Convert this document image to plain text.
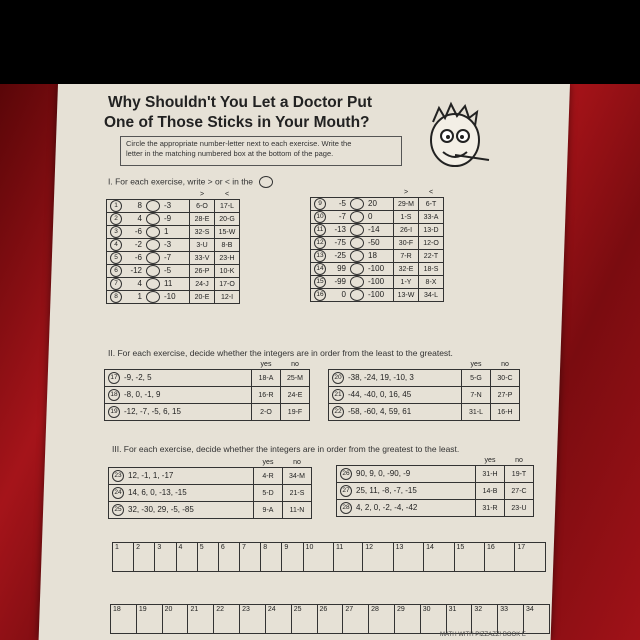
Why Shouldn't You Let a Doctor Put
One of Those Sticks in Your Mouth?
Circle the appropriate number-letter next to each exercise. Write the
letter in the matching numbered box at the bottom of the page.
I. For each exercise, write > or < in the
	>	<
1 8 -3	6-O	17-L
2 4 -9	28-E	20-G
3 -6 1	32-S	15-W
4 -2 -3	3-U	8-B
5 -6 -7	33-V	23-H
6 -12 -5	26-P	10-K
7 4 11	24-J	17-O
8 1 -10	20-E	12-I
	>	<
9 -5 20	29-M	6-T
10 -7 0	1-S	33-A
11 -13 -14	26-I	13-D
12 -75 -50	30-F	12-O
13 -25 18	7-R	22-T
14 99 -100	32-E	18-S
15 -99 -100	1-Y	8-X
16 0 -100	13-W	34-L
II. For each exercise, decide whether the integers are in order from the least to the greatest.
	yes	no
17 -9, -2, 5	18-A	25-M
18 -8, 0, -1, 9	16-R	24-E
19 -12, -7, -5, 6, 15	2-O	19-F
	yes	no
20 -38, -24, 19, -10, 3	5-G	30-C
21 -44, -40, 0, 16, 45	7-N	27-P
22 -58, -60, 4, 59, 61	31-L	16-H
III. For each exercise, decide whether the integers are in order from the greatest to the least.
	yes	no
23 12, -1, 1, -17	4-R	34-M
24 14, 6, 0, -13, -15	5-D	21-S
25 32, -30, 29, -5, -85	9-A	11-N
	yes	no
26 90, 9, 0, -90, -9	31-H	19-T
27 25, 11, -8, -7, -15	14-B	27-C
28 4, 2, 0, -2, -4, -42	31-R	23-U
1	2	3	4	5	6	7	8	9	10	11	12	13	14	15	16	17
18	19	20	21	22	23	24	25	26	27	28	29	30	31	32	33	34
MATH WITH PIZZAZZ! BOOK E
